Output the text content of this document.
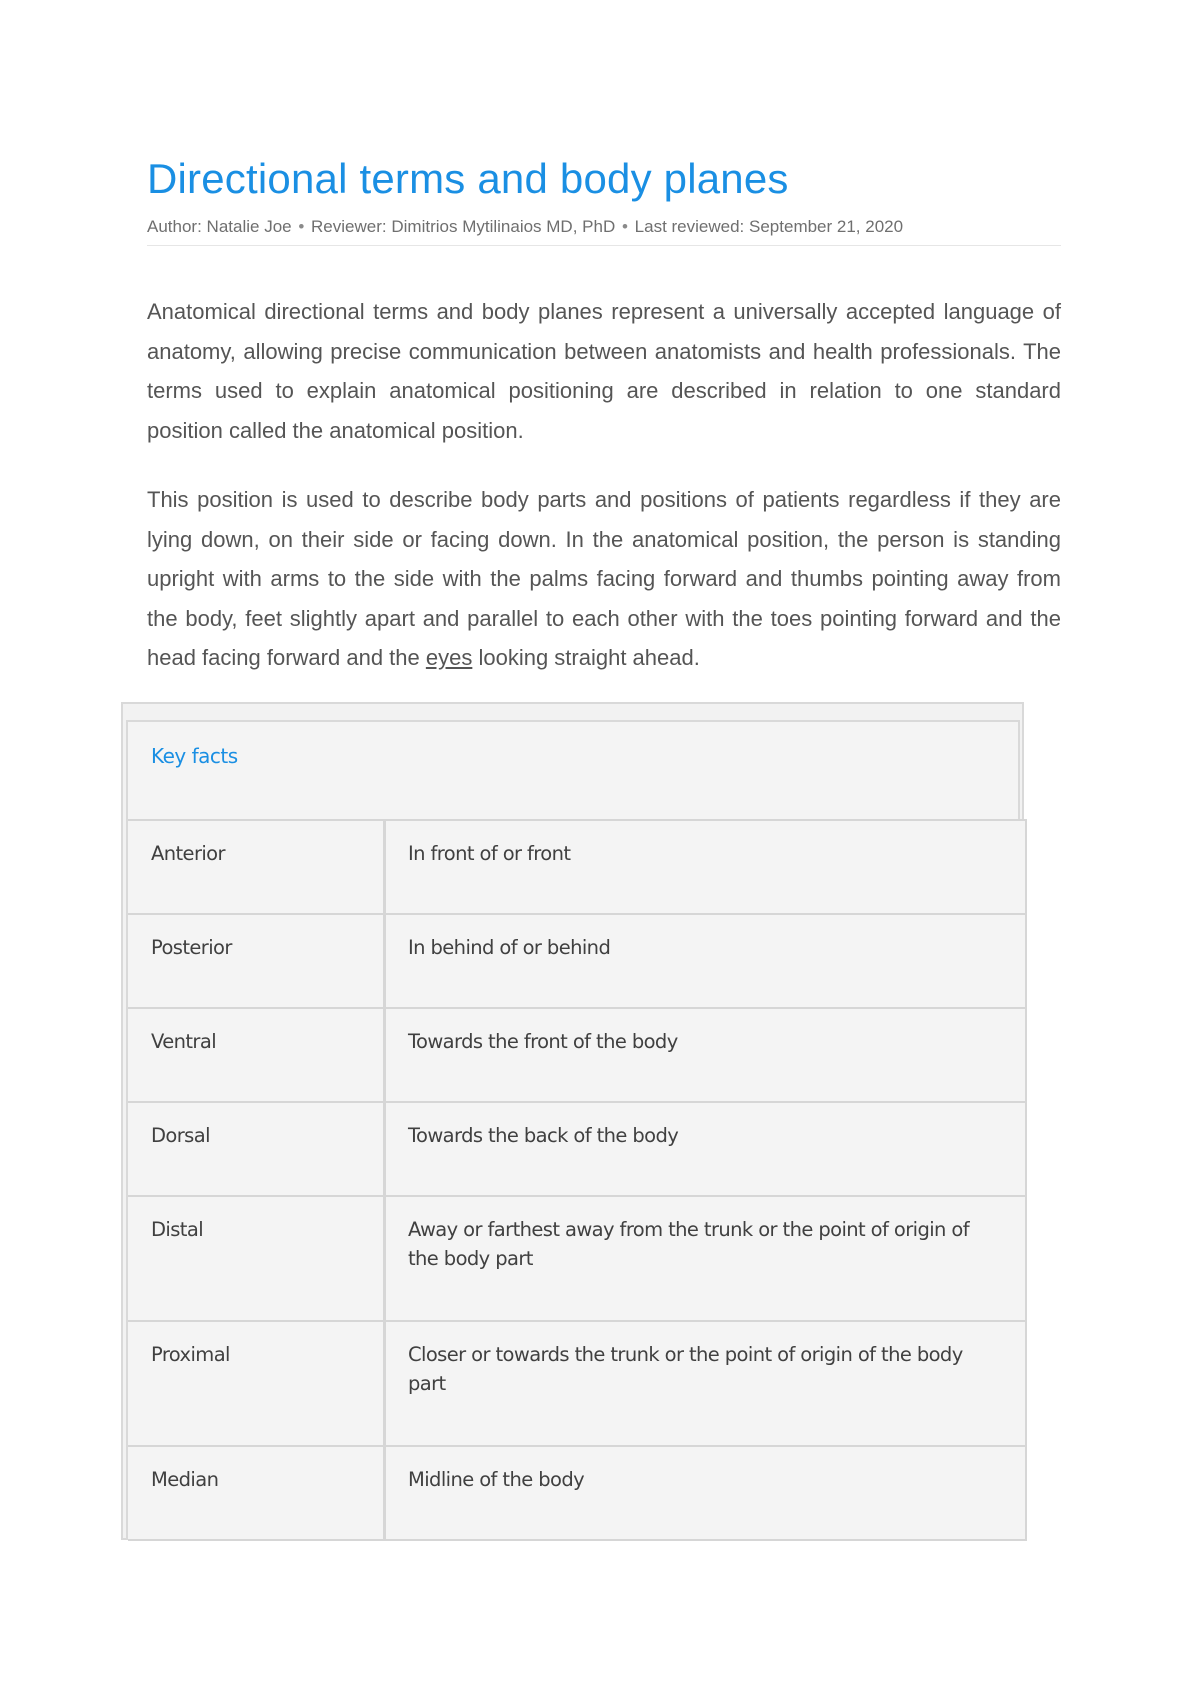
Directional terms and body planes
Author: Natalie Joe • Reviewer: Dimitrios Mytilinaios MD, PhD • Last reviewed: September 21, 2020

Anatomical directional terms and body planes represent a universally accepted language of anatomy, allowing precise communication between anatomists and health professionals. The terms used to explain anatomical positioning are described in relation to one standard position called the anatomical position.

This position is used to describe body parts and positions of patients regardless if they are lying down, on their side or facing down. In the anatomical position, the person is standing upright with arms to the side with the palms facing forward and thumbs pointing away from the body, feet slightly apart and parallel to each other with the toes pointing forward and the head facing forward and the eyes looking straight ahead.

Key facts
Anterior	In front of or front
Posterior	In behind of or behind
Ventral	Towards the front of the body
Dorsal	Towards the back of the body
Distal	Away or farthest away from the trunk or the point of origin of the body part
Proximal	Closer or towards the trunk or the point of origin of the body part
Median	Midline of the body
